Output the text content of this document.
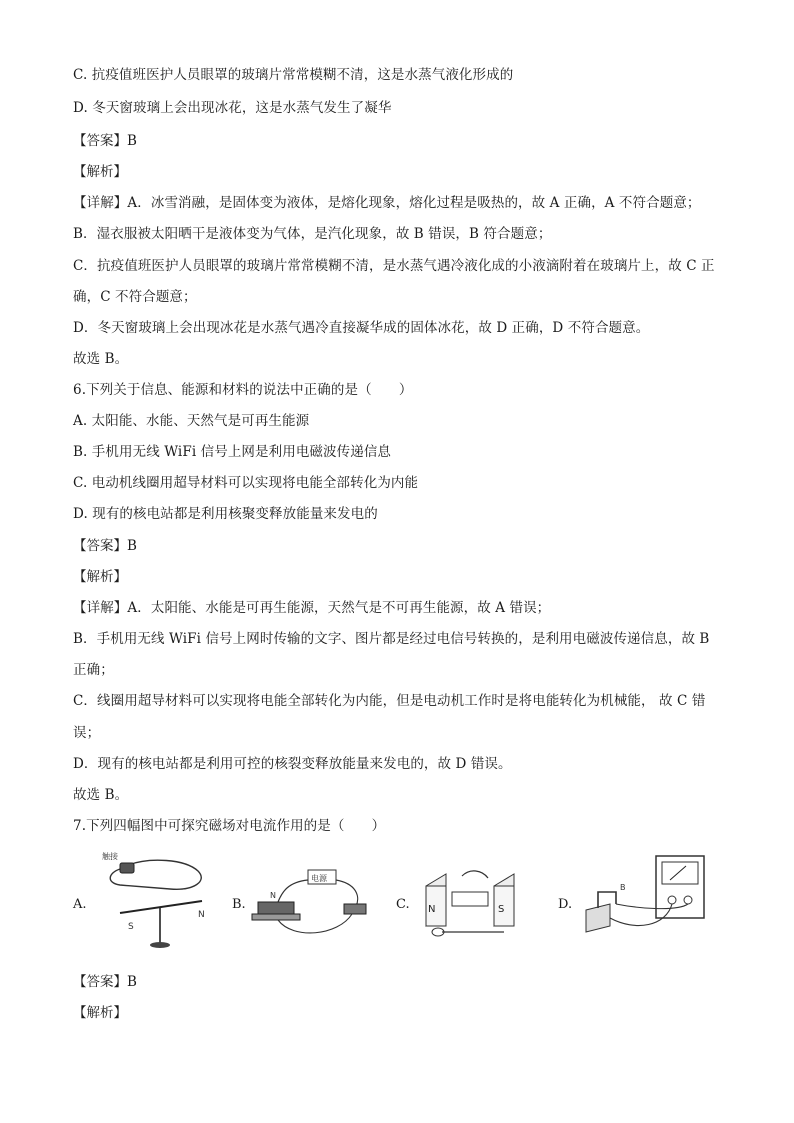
C. 抗疫值班医护人员眼罩的玻璃片常常模糊不清，这是水蒸气液化形成的
D. 冬天窗玻璃上会出现冰花，这是水蒸气发生了凝华
【答案】B
【解析】
【详解】A．冰雪消融，是固体变为液体，是熔化现象，熔化过程是吸热的，故 A 正确，A 不符合题意；
B．湿衣服被太阳晒干是液体变为气体，是汽化现象，故 B 错误，B 符合题意；
C．抗疫值班医护人员眼罩的玻璃片常常模糊不清，是水蒸气遇冷液化成的小液滴附着在玻璃片上，故 C 正
确，C 不符合题意；
D．冬天窗玻璃上会出现冰花是水蒸气遇冷直接凝华成的固体冰花，故 D 正确，D 不符合题意。
故选 B。
6.下列关于信息、能源和材料的说法中正确的是（　　）
A. 太阳能、水能、天然气是可再生能源
B. 手机用无线 WiFi 信号上网是利用电磁波传递信息
C. 电动机线圈用超导材料可以实现将电能全部转化为内能
D. 现有的核电站都是利用核聚变释放能量来发电的
【答案】B
【解析】
【详解】A．太阳能、水能是可再生能源，天然气是不可再生能源，故 A 错误；
B．手机用无线 WiFi 信号上网时传输的文字、图片都是经过电信号转换的，是利用电磁波传递信息，故 B
正确；
C．线圈用超导材料可以实现将电能全部转化为内能，但是电动机工作时是将电能转化为机械能， 故 C 错
误；
D．现有的核电站都是利用可控的核裂变释放能量来发电的，故 D 错误。
故选 B。
7.下列四幅图中可探究磁场对电流作用的是（　　）
A.
触接
S
N
B.
电源
N
C. N	S	D.
B
【答案】B
【解析】
